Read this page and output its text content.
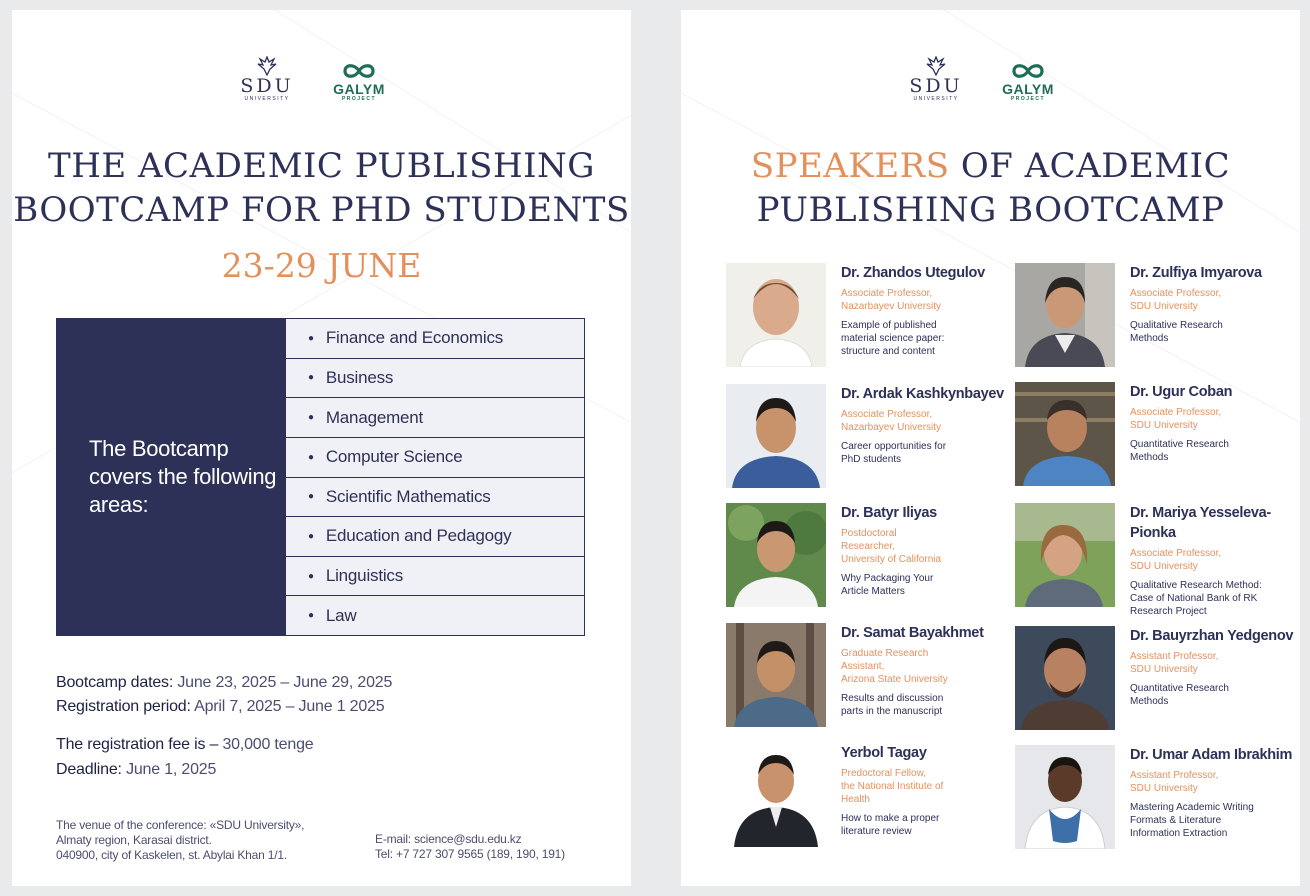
SDU
UNIVERSITY
GALYM
PROJECT
THE ACADEMIC PUBLISHING
BOOTCAMP FOR PHD STUDENTS
23-29 JUNE
The Bootcamp covers the following areas:
● Finance and Economics
● Business
● Management
● Computer Science
● Scientific Mathematics
● Education and Pedagogy
● Linguistics
● Law
Bootcamp dates: June 23, 2025 – June 29, 2025
Registration period: April 7, 2025 – June 1 2025
The registration fee is – 30,000 tenge
Deadline: June 1, 2025
The venue of the conference: «SDU University»,
Almaty region, Karasai district.
040900, city of Kaskelen, st. Abylai Khan 1/1.
E-mail: science@sdu.edu.kz
Tel: +7 727 307 9565 (189, 190, 191)
SDU
UNIVERSITY
GALYM
PROJECT
SPEAKERS OF ACADEMIC
PUBLISHING BOOTCAMP
Dr. Zhandos Utegulov
Associate Professor,
Nazarbayev University
Example of published
material science paper:
structure and content
Dr. Zulfiya Imyarova
Associate Professor,
SDU University
Qualitative Research
Methods
Dr. Ardak Kashkynbayev
Associate Professor,
Nazarbayev University
Career opportunities for
PhD students
Dr. Ugur Coban
Associate Professor,
SDU University
Quantitative Research
Methods
Dr. Batyr Iliyas
Postdoctoral
Researcher,
University of California
Why Packaging Your
Article Matters
Dr. Mariya Yesseleva-Pionka
Associate Professor,
SDU University
Qualitative Research Method:
Case of National Bank of RK
Research Project
Dr. Samat Bayakhmet
Graduate Research
Assistant,
Arizona State University
Results and discussion
parts in the manuscript
Dr. Bauyrzhan Yedgenov
Assistant Professor,
SDU University
Quantitative Research
Methods
Yerbol Tagay
Predoctoral Fellow,
the National Institute of
Health
How to make a proper
literature review
Dr. Umar Adam Ibrakhim
Assistant Professor,
SDU University
Mastering Academic Writing
Formats & Literature
Information Extraction
